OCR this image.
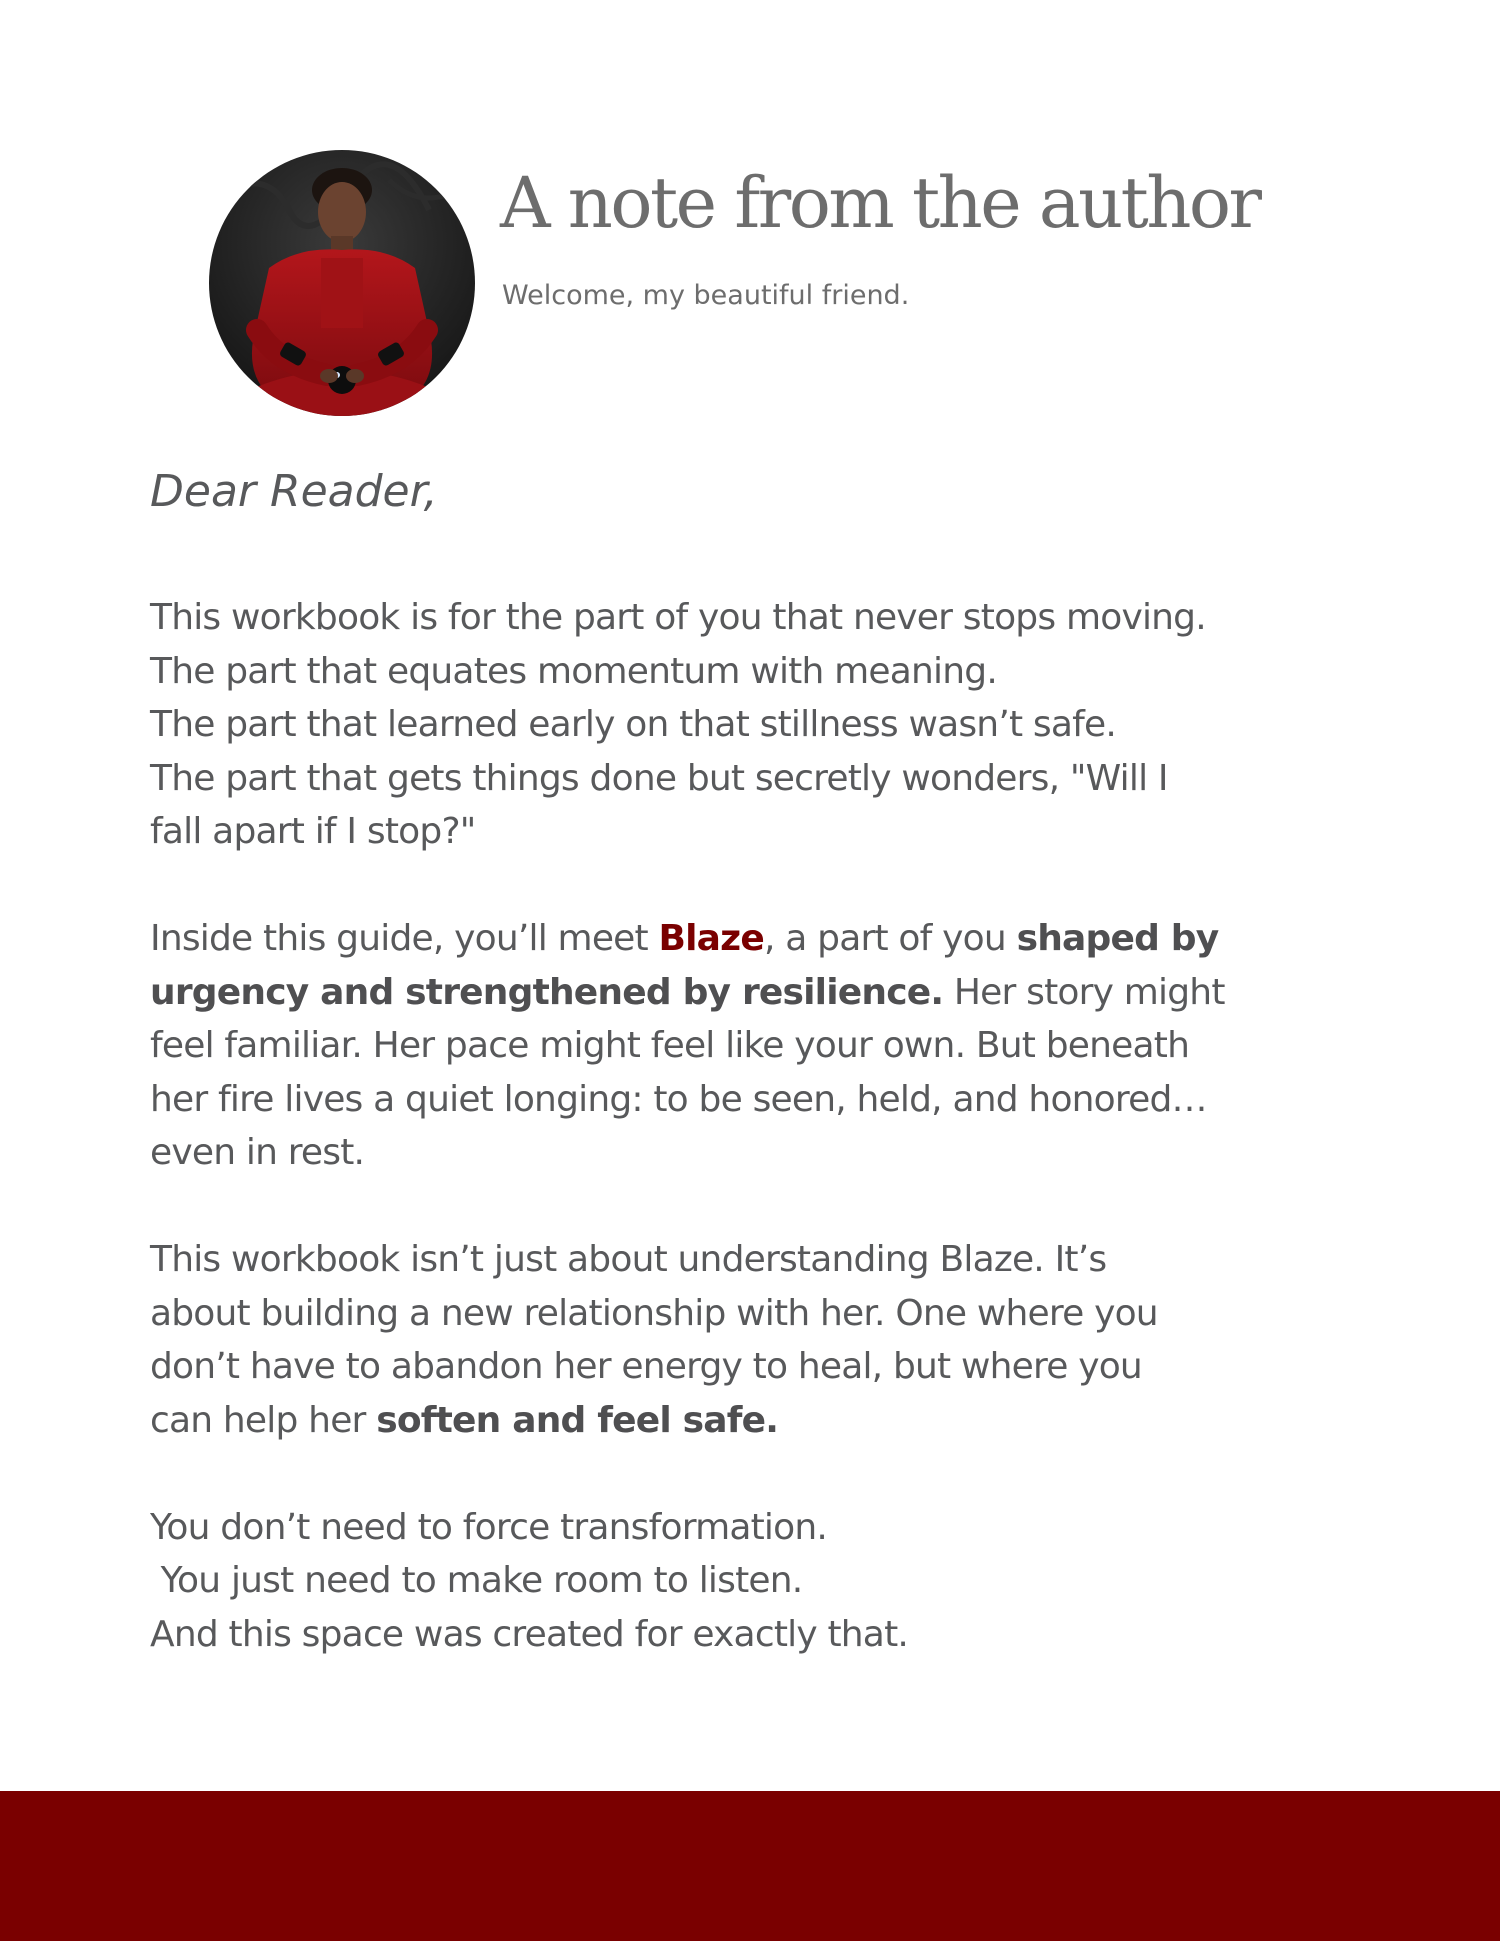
A note from the author

Welcome, my beautiful friend.

Dear Reader,

This workbook is for the part of you that never stops moving.
The part that equates momentum with meaning.
The part that learned early on that stillness wasn’t safe.
The part that gets things done but secretly wonders, "Will I
fall apart if I stop?"
Inside this guide, you’ll meet Blaze, a part of you shaped by
urgency and strengthened by resilience. Her story might
feel familiar. Her pace might feel like your own. But beneath
her fire lives a quiet longing: to be seen, held, and honored…
even in rest.
This workbook isn’t just about understanding Blaze. It’s
about building a new relationship with her. One where you
don’t have to abandon her energy to heal, but where you
can help her soften and feel safe.
You don’t need to force transformation.
You just need to make room to listen.
And this space was created for exactly that.
